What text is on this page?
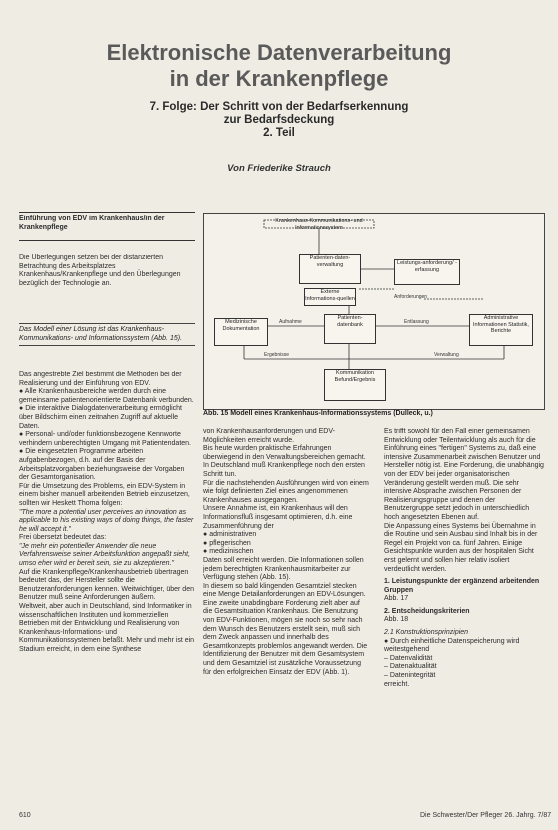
Elektronische Datenverarbeitung
in der Krankenpflege
7. Folge: Der Schritt von der Bedarfserkennung
zur Bedarfsdeckung
2. Teil
Von Friederike Strauch
Einführung von EDV im Krankenhaus/in der Krankenpflege
Die Überlegungen setzen bei der distanzierten Betrachtung des Arbeitsplatzes Krankenhaus/Krankenpflege und den Überlegungen bezüglich der Technologie an.
Das Modell einer Lösung ist das Krankenhaus-Kommunikations- und Informationssystem (Abb. 15).

Das angestrebte Ziel bestimmt die Methoden bei der Realisierung und der Einführung von EDV.

● Alle Krankenhausbereiche werden durch eine gemeinsame patientenorientierte Datenbank verbunden.

● Die interaktive Dialogdatenverarbeitung ermöglicht über Bildschirm einen zeitnahen Zugriff auf aktuelle Daten.

● Personal- und/oder funktionsbezogene Kennworte verhindern unberechtigten Umgang mit Patientendaten.

● Die eingesetzten Programme arbeiten aufgabenbezogen, d.h. auf der Basis der Arbeitsplatzvorgaben beziehungsweise der Vorgaben der Gesamtorganisation.

Für die Umsetzung des Problems, ein EDV-System in einem bisher manuell arbeitenden Betrieb einzusetzen, sollten wir Heskett Thoma folgen:

"The more a potential user perceives an innovation as applicable to his existing ways of doing things, the faster he will accept it."

Frei übersetzt bedeutet das:

"Je mehr ein potentieller Anwender die neue Verfahrensweise seiner Arbeitsfunktion angepaßt sieht, umso eher wird er bereit sein, sie zu akzeptieren."

Auf die Krankenpflege/Krankenhausbetrieb übertragen bedeutet das, der Hersteller sollte die Benutzeranforderungen kennen. Weitwichtiger, über den Benutzer muß seine Anforderungen äußern.

Weltweit, aber auch in Deutschland, sind Informatiker in wissenschaftlichen Instituten und kommerziellen Betrieben mit der Entwicklung und Realisierung von Krankenhaus-Informations- und Kommunikationssystemen befaßt. Mehr und mehr ist ein Stadium erreicht, in dem eine Synthese

Krankenhaus-Kommunikations- und Informationssystem
Patienten-daten-verwaltung	Leistungs-anforderung/ -erfassung
Externe Informations-quellen
Patienten-datenbank
Medizinische Dokumentation
Administrative Informationen Statistik, Berichte
Kommunikation Befund/Ergebnis
Aufnahme	Entlassung
Anforderungen
Ergebnisse	Verwaltung
Abb. 15 Modell eines Krankenhaus-Informationssystems (Dulleck, u.)

von Krankenhausanforderungen und EDV-Möglichkeiten erreicht wurde.

Bis heute wurden praktische Erfahrungen überwiegend in den Verwaltungsbereichen gemacht. In Deutschland muß Krankenpflege noch den ersten Schritt tun.

Für die nachstehenden Ausführungen wird von einem wie folgt definierten Ziel eines angenommenen Krankenhauses ausgegangen.

Unsere Annahme ist, ein Krankenhaus will den Informationsfluß insgesamt optimieren, d.h. eine Zusammenführung der

● administrativen

● pflegerischen

● medizinischen

Daten soll erreicht werden. Die Informationen sollen jedem berechtigten Krankenhausmitarbeiter zur Verfügung stehen (Abb. 15).

In diesem so bald klingenden Gesamtziel stecken eine Menge Detailanforderungen an EDV-Lösungen. Eine zweite unabdingbare Forderung zielt aber auf die Gesamtsituation Krankenhaus. Die Benutzung von EDV-Funktionen, mögen sie noch so sehr nach dem Wunsch des Benutzers erstellt sein, muß sich dem Zweck anpassen und innerhalb des Gesamtkonzepts problemlos angewandt werden. Die Identifizierung der Benutzer mit dem Gesamtsystem und dem Gesamtziel ist zusätzliche Voraussetzung für den erfolgreichen Einsatz der EDV (Abb. 1).

Es trifft sowohl für den Fall einer gemeinsamen Entwicklung oder Teilentwicklung als auch für die Einführung eines "fertigen" Systems zu, daß eine intensive Zusammenarbeit zwischen Benutzer und Hersteller nötig ist. Eine Forderung, die unabhängig von der EDV bei jeder organisatorischen Veränderung gestellt werden muß. Die sehr intensive Absprache zwischen Personen der Realisierungsgruppe und denen der Benutzergruppe setzt jedoch in unterschiedlich hoch angesetzten Ebenen auf.

Die Anpassung eines Systems bei Übernahme in die Routine und sein Ausbau sind Inhalt bis in der Regel ein Projekt von ca. fünf Jahren. Einige Gesichtspunkte wurden aus der hospitalen Sicht erst gelernt und sollen hier relativ isoliert verdeutlicht werden.

1. Leistungspunkte der ergänzend arbeitenden Gruppen

Abb. 17

2. Entscheidungskriterien

Abb. 18

2.1 Konstruktionsprinzipien

● Durch einheitliche Datenspeicherung wird weitestgehend

– Datenvalidität

– Datenaktualität

– Datenintegrität

erreicht.

610	Die Schwester/Der Pfleger 26. Jahrg. 7/87
